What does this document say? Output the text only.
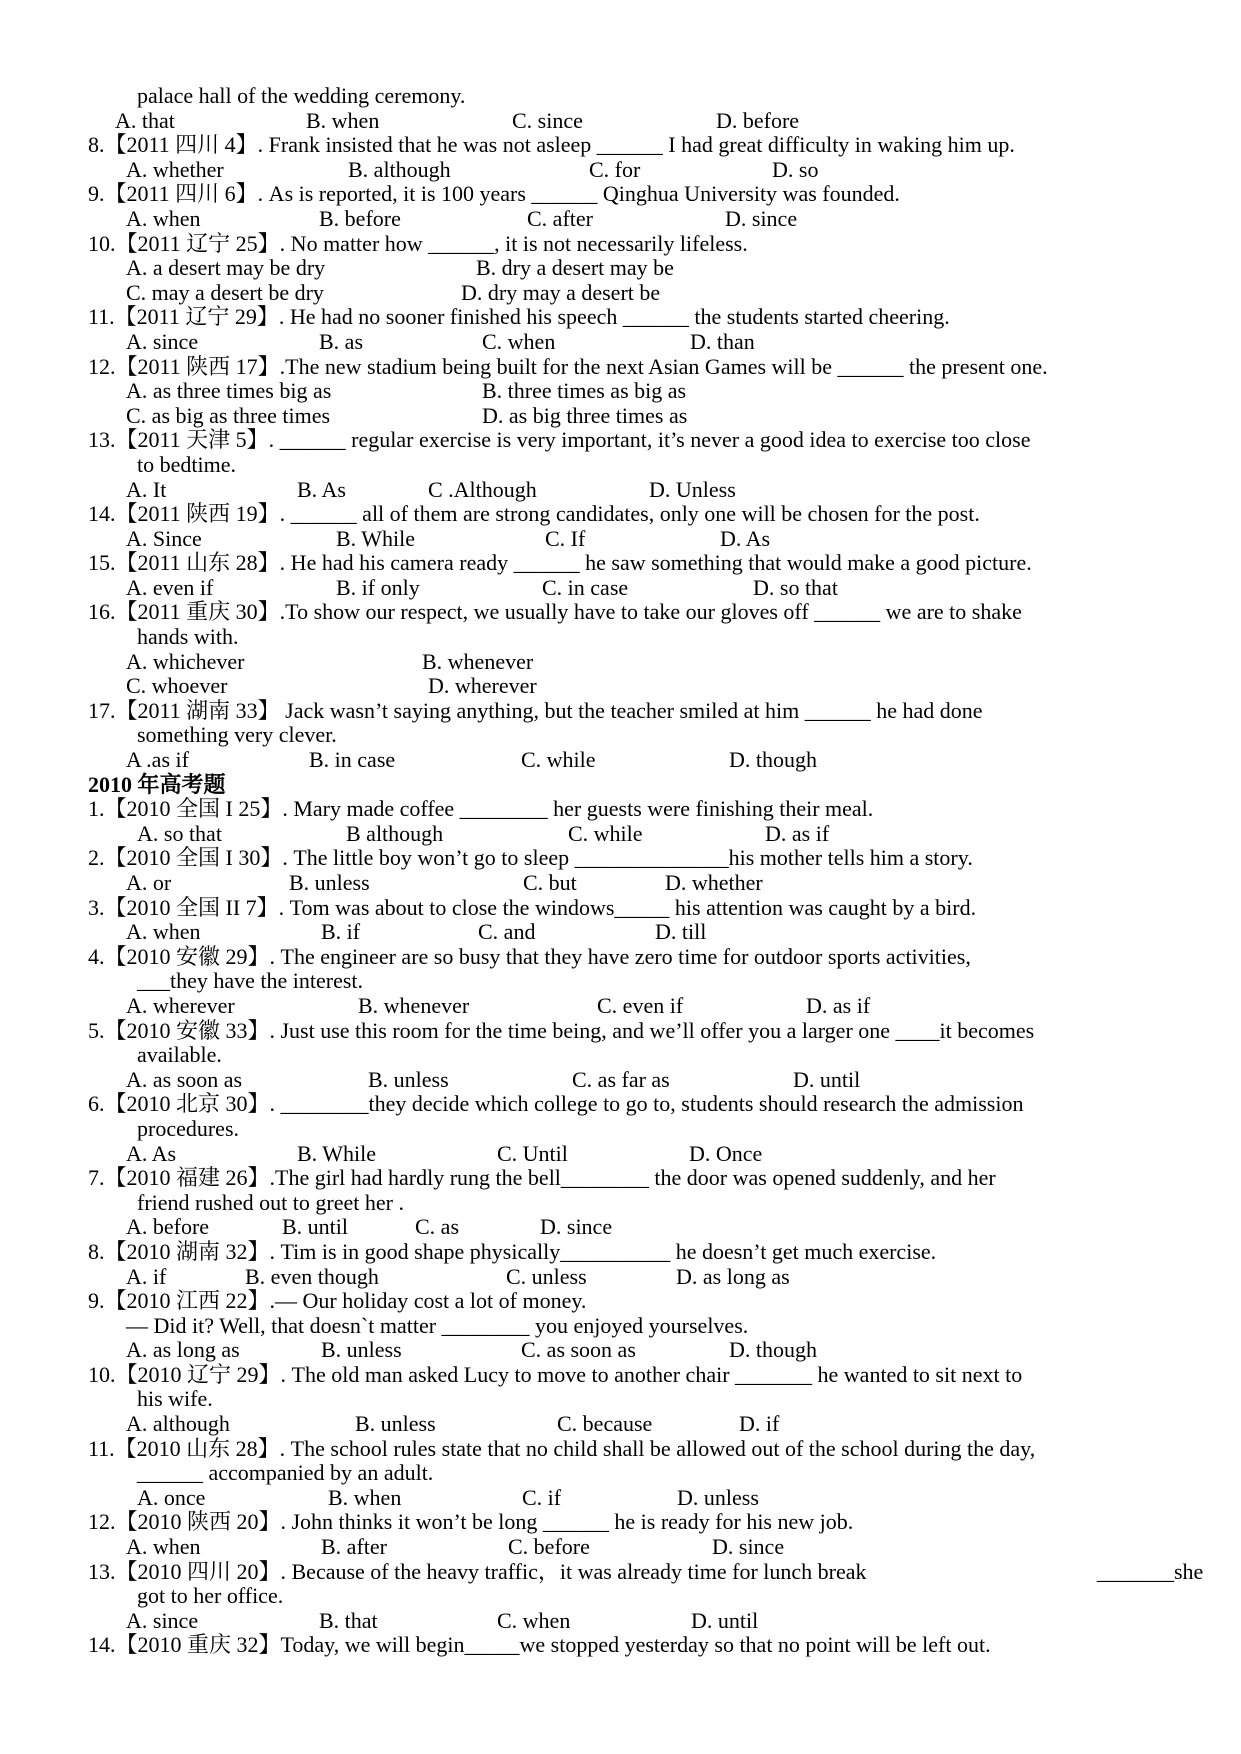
palace hall of the wedding ceremony.
A. that	B. when	C. since	D. before
8.【2011 四川 4】. Frank insisted that he was not asleep ______ I had great difficulty in waking him up.
A. whether	B. although	C. for	D. so
9.【2011 四川 6】. As is reported, it is 100 years ______ Qinghua University was founded.
A. when	B. before	C. after	D. since
10.【2011 辽宁 25】. No matter how ______, it is not necessarily lifeless.
A. a desert may be dry	B. dry a desert may be
C. may a desert be dry	D. dry may a desert be
11.【2011 辽宁 29】. He had no sooner finished his speech ______ the students started cheering.
A. since	B. as	C. when	D. than
12.【2011 陕西 17】.The new stadium being built for the next Asian Games will be ______ the present one.
A. as three times big as	B. three times as big as
C. as big as three times	D. as big three times as
13.【2011 天津 5】. ______ regular exercise is very important, it’s never a good idea to exercise too close
to bedtime.
A. It	B. As	C .Although	D. Unless
14.【2011 陕西 19】. ______ all of them are strong candidates, only one will be chosen for the post.
A. Since	B. While	C. If	D. As
15.【2011 山东 28】. He had his camera ready ______ he saw something that would make a good picture.
A. even if	B. if only	C. in case	D. so that
16.【2011 重庆 30】.To show our respect, we usually have to take our gloves off ______ we are to shake
hands with.
A. whichever	B. whenever
C. whoever	D. wherever
17.【2011 湖南 33】 Jack wasn’t saying anything, but the teacher smiled at him ______ he had done
something very clever.
A .as if	B. in case	C. while	D. though
2010 年高考题
1.【2010 全国 I 25】. Mary made coffee ________ her guests were finishing their meal.
A. so that	B although	C. while	D. as if
2.【2010 全国 I 30】. The little boy won’t go to sleep ______________his mother tells him a story.
A. or	B. unless	C. but	D. whether
3.【2010 全国 II 7】. Tom was about to close the windows_____ his attention was caught by a bird.
A. when	B. if	C. and	D. till
4.【2010 安徽 29】. The engineer are so busy that they have zero time for outdoor sports activities,
___they have the interest.
A. wherever	B. whenever	C. even if	D. as if
5.【2010 安徽 33】. Just use this room for the time being, and we’ll offer you a larger one ____it becomes
available.
A. as soon as	B. unless	C. as far as	D. until
6.【2010 北京 30】. ________they decide which college to go to, students should research the admission
procedures.
A. As	B. While	C. Until	D. Once
7.【2010 福建 26】.The girl had hardly rung the bell________ the door was opened suddenly, and her
friend rushed out to greet her .
A. before	B. until	C. as	D. since
8.【2010 湖南 32】. Tim is in good shape physically__________ he doesn’t get much exercise.
A. if	B. even though	C. unless	D. as long as
9.【2010 江西 22】.— Our holiday cost a lot of money.
— Did it? Well, that doesn`t matter ________ you enjoyed yourselves.
A. as long as	B. unless	C. as soon as	D. though
10.【2010 辽宁 29】. The old man asked Lucy to move to another chair _______ he wanted to sit next to
his wife.
A. although	B. unless	C. because	D. if
11.【2010 山东 28】. The school rules state that no child shall be allowed out of the school during the day,
______ accompanied by an adult.
A. once	B. when	C. if	D. unless
12.【2010 陕西 20】. John thinks it won’t be long ______ he is ready for his new job.
A. when	B. after	C. before	D. since
13.【2010 四川 20】. Because of the heavy traffic，it was already time for lunch break	_______she
got to her office.
A. since	B. that	C. when	D. until
14.【2010 重庆 32】Today, we will begin_____we stopped yesterday so that no point will be left out.
